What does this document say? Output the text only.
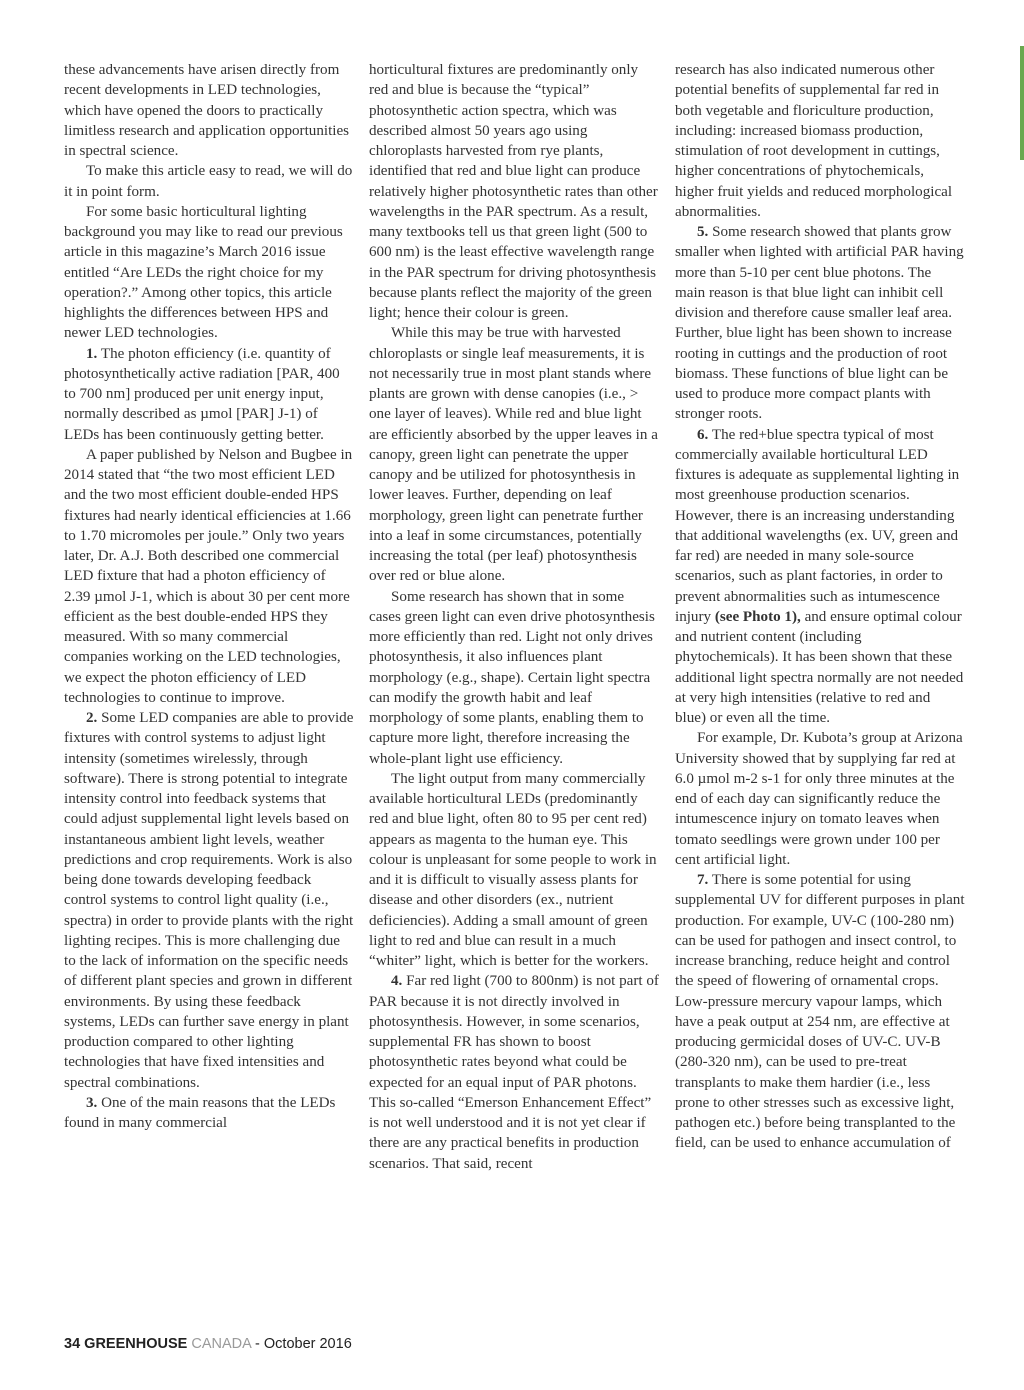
these advancements have arisen directly from recent developments in LED technologies, which have opened the doors to practically limitless research and application opportunities in spectral science.

To make this article easy to read, we will do it in point form.

For some basic horticultural lighting background you may like to read our previous article in this magazine’s March 2016 issue entitled “Are LEDs the right choice for my operation?.” Among other topics, this article highlights the differences between HPS and newer LED technologies.

1. The photon efficiency (i.e. quantity of photosynthetically active radiation [PAR, 400 to 700 nm] produced per unit energy input, normally described as µmol [PAR] J-1) of LEDs has been continuously getting better.

A paper published by Nelson and Bugbee in 2014 stated that “the two most efficient LED and the two most efficient double-ended HPS fixtures had nearly identical efficiencies at 1.66 to 1.70 micromoles per joule.” Only two years later, Dr. A.J. Both described one commercial LED fixture that had a photon efficiency of 2.39 µmol J-1, which is about 30 per cent more efficient as the best double-ended HPS they measured. With so many commercial companies working on the LED technologies, we expect the photon efficiency of LED technologies to continue to improve.

2. Some LED companies are able to provide fixtures with control systems to adjust light intensity (sometimes wirelessly, through software). There is strong potential to integrate intensity control into feedback systems that could adjust supplemental light levels based on instantaneous ambient light levels, weather predictions and crop requirements. Work is also being done towards developing feedback control systems to control light quality (i.e., spectra) in order to provide plants with the right lighting recipes. This is more challenging due to the lack of information on the specific needs of different plant species and grown in different environments. By using these feedback systems, LEDs can further save energy in plant production compared to other lighting technologies that have fixed intensities and spectral combinations.

3. One of the main reasons that the LEDs found in many commercial

horticultural fixtures are predominantly only red and blue is because the “typical” photosynthetic action spectra, which was described almost 50 years ago using chloroplasts harvested from rye plants, identified that red and blue light can produce relatively higher photosynthetic rates than other wavelengths in the PAR spectrum. As a result, many textbooks tell us that green light (500 to 600 nm) is the least effective wavelength range in the PAR spectrum for driving photosynthesis because plants reflect the majority of the green light; hence their colour is green.

While this may be true with harvested chloroplasts or single leaf measurements, it is not necessarily true in most plant stands where plants are grown with dense canopies (i.e., > one layer of leaves). While red and blue light are efficiently absorbed by the upper leaves in a canopy, green light can penetrate the upper canopy and be utilized for photosynthesis in lower leaves. Further, depending on leaf morphology, green light can penetrate further into a leaf in some circumstances, potentially increasing the total (per leaf) photosynthesis over red or blue alone.

Some research has shown that in some cases green light can even drive photosynthesis more efficiently than red. Light not only drives photosynthesis, it also influences plant morphology (e.g., shape). Certain light spectra can modify the growth habit and leaf morphology of some plants, enabling them to capture more light, therefore increasing the whole-plant light use efficiency.

The light output from many commercially available horticultural LEDs (predominantly red and blue light, often 80 to 95 per cent red) appears as magenta to the human eye. This colour is unpleasant for some people to work in and it is difficult to visually assess plants for disease and other disorders (ex., nutrient deficiencies). Adding a small amount of green light to red and blue can result in a much “whiter” light, which is better for the workers.

4. Far red light (700 to 800nm) is not part of PAR because it is not directly involved in photosynthesis. However, in some scenarios, supplemental FR has shown to boost photosynthetic rates beyond what could be expected for an equal input of PAR photons. This so-called “Emerson Enhancement Effect” is not well understood and it is not yet clear if there are any practical benefits in production scenarios. That said, recent

research has also indicated numerous other potential benefits of supplemental far red in both vegetable and floriculture production, including: increased biomass production, stimulation of root development in cuttings, higher concentrations of phytochemicals, higher fruit yields and reduced morphological abnormalities.

5. Some research showed that plants grow smaller when lighted with artificial PAR having more than 5-10 per cent blue photons. The main reason is that blue light can inhibit cell division and therefore cause smaller leaf area. Further, blue light has been shown to increase rooting in cuttings and the production of root biomass. These functions of blue light can be used to produce more compact plants with stronger roots.

6. The red+blue spectra typical of most commercially available horticultural LED fixtures is adequate as supplemental lighting in most greenhouse production scenarios. However, there is an increasing understanding that additional wavelengths (ex. UV, green and far red) are needed in many sole-source scenarios, such as plant factories, in order to prevent abnormalities such as intumescence injury (see Photo 1), and ensure optimal colour and nutrient content (including phytochemicals). It has been shown that these additional light spectra normally are not needed at very high intensities (relative to red and blue) or even all the time.

For example, Dr. Kubota’s group at Arizona University showed that by supplying far red at 6.0 µmol m-2 s-1 for only three minutes at the end of each day can significantly reduce the intumescence injury on tomato leaves when tomato seedlings were grown under 100 per cent artificial light.

7. There is some potential for using supplemental UV for different purposes in plant production. For example, UV-C (100-280 nm) can be used for pathogen and insect control, to increase branching, reduce height and control the speed of flowering of ornamental crops. Low-pressure mercury vapour lamps, which have a peak output at 254 nm, are effective at producing germicidal doses of UV-C. UV-B (280-320 nm), can be used to pre-treat transplants to make them hardier (i.e., less prone to other stresses such as excessive light, pathogen etc.) before being transplanted to the field, can be used to enhance accumulation of

34 GREENHOUSE CANADA - October 2016
